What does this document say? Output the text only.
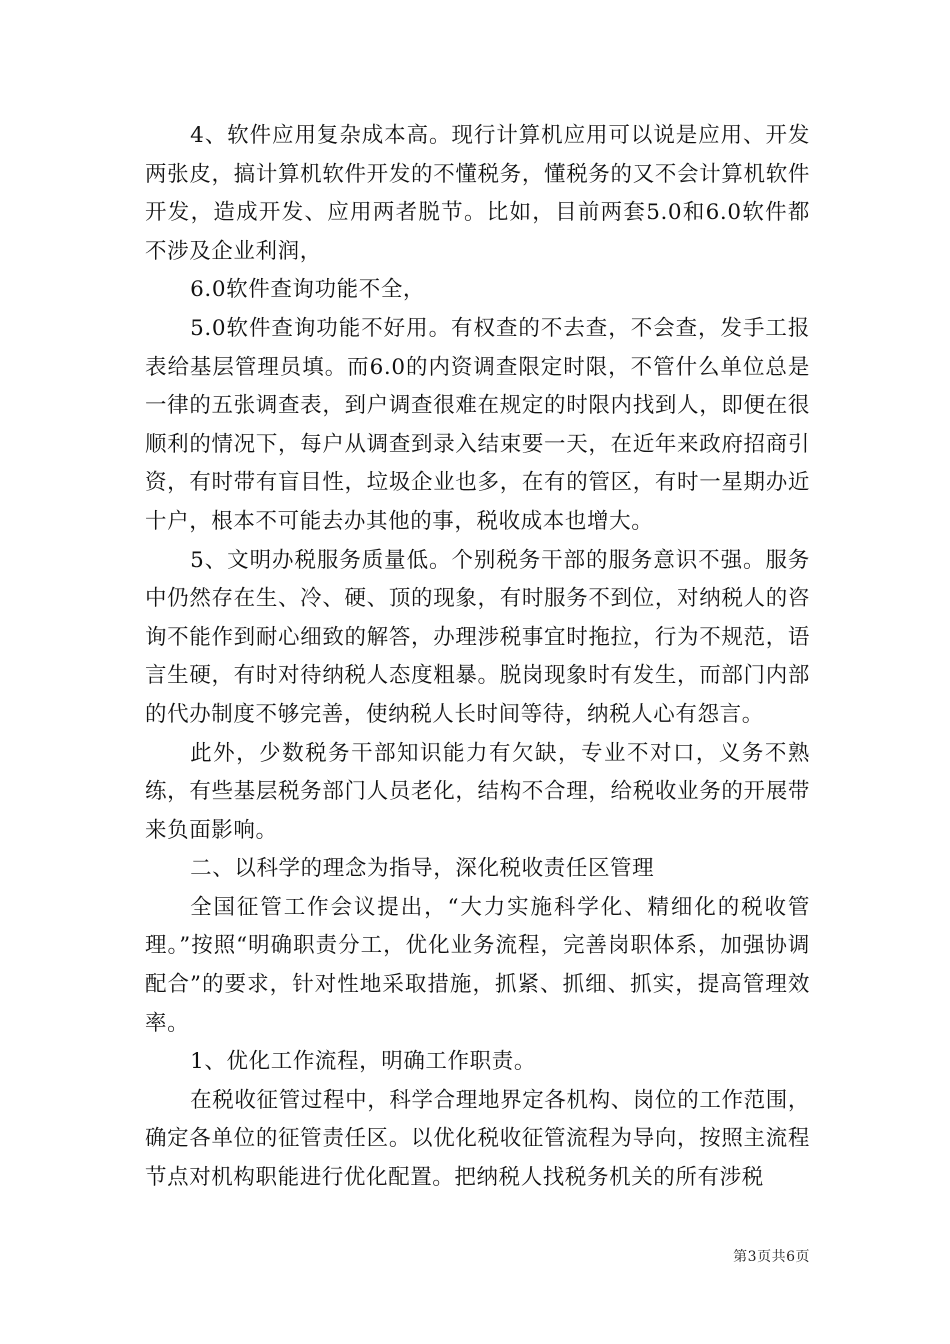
4、软件应用复杂成本高。现行计算机应用可以说是应用、开发两张皮，搞计算机软件开发的不懂税务，懂税务的又不会计算机软件开发，造成开发、应用两者脱节。比如，目前两套5.0和6.0软件都不涉及企业利润，

6.0软件查询功能不全，

5.0软件查询功能不好用。有权查的不去查，不会查，发手工报表给基层管理员填。而6.0的内资调查限定时限，不管什么单位总是一律的五张调查表，到户调查很难在规定的时限内找到人，即便在很顺利的情况下，每户从调查到录入结束要一天，在近年来政府招商引资，有时带有盲目性，垃圾企业也多，在有的管区，有时一星期办近十户，根本不可能去办其他的事，税收成本也增大。

5、文明办税服务质量低。个别税务干部的服务意识不强。服务中仍然存在生、冷、硬、顶的现象，有时服务不到位，对纳税人的咨询不能作到耐心细致的解答，办理涉税事宜时拖拉，行为不规范，语言生硬，有时对待纳税人态度粗暴。脱岗现象时有发生，而部门内部的代办制度不够完善，使纳税人长时间等待，纳税人心有怨言。

此外，少数税务干部知识能力有欠缺，专业不对口，义务不熟练，有些基层税务部门人员老化，结构不合理，给税收业务的开展带来负面影响。

二、以科学的理念为指导，深化税收责任区管理

全国征管工作会议提出，“大力实施科学化、精细化的税收管理。”按照“明确职责分工，优化业务流程，完善岗职体系，加强协调配合”的要求，针对性地采取措施，抓紧、抓细、抓实，提高管理效率。

1、优化工作流程，明确工作职责。

在税收征管过程中，科学合理地界定各机构、岗位的工作范围，确定各单位的征管责任区。以优化税收征管流程为导向，按照主流程节点对机构职能进行优化配置。把纳税人找税务机关的所有涉税

第3页共6页
